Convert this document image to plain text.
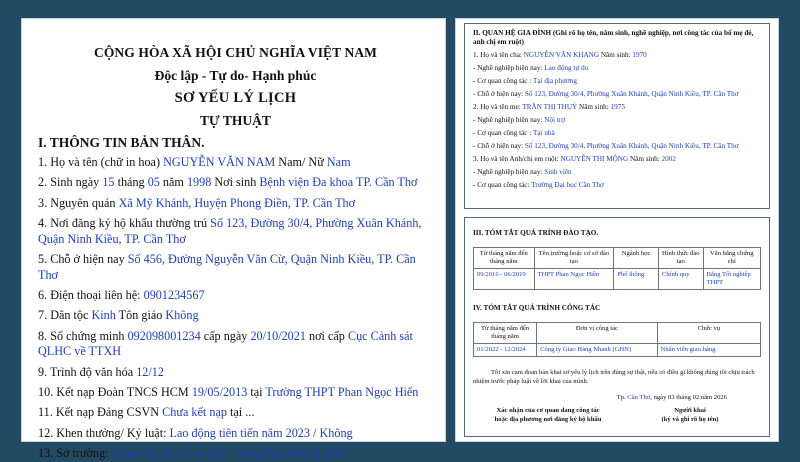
CỘNG HÒA XÃ HỘI CHỦ NGHĨA VIỆT NAM
Độc lập - Tự do- Hạnh phúc
SƠ YẾU LÝ LỊCH
TỰ THUẬT
I. THÔNG TIN BẢN THÂN.
1. Họ và tên (chữ in hoa) NGUYỄN VĂN NAM Nam/ Nữ Nam
2. Sinh ngày 15 tháng 05 năm 1998 Nơi sinh Bệnh viện Đa khoa TP. Cần Thơ
3. Nguyên quán Xã Mỹ Khánh, Huyện Phong Điền, TP. Cần Thơ
4. Nơi đăng ký hộ khẩu thường trú Số 123, Đường 30/4, Phường Xuân Khánh, Quận Ninh Kiều, TP. Cần Thơ
5. Chỗ ở hiện nay Số 456, Đường Nguyễn Văn Cừ, Quận Ninh Kiều, TP. Cần Thơ
6. Điện thoại liên hệ: 0901234567
7. Dân tộc Kinh Tôn giáo Không
8. Số chứng minh 092098001234 cấp ngày 20/10/2021 nơi cấp Cục Cảnh sát QLHC về TTXH
9. Trình độ văn hóa 12/12
10. Kết nạp Đoàn TNCS HCM 19/05/2013 tại Trường THPT Phan Ngọc Hiển
11. Kết nạp Đảng CSVN Chưa kết nạp tại ...
12. Khen thưởng/ Kỷ luật: Lao động tiên tiến năm 2023 / Không
13. Sở trường: Giao tiếp, lái xe an toàn, thông thạo đường phố
II. QUAN HỆ GIA ĐÌNH (Ghi rõ họ tên, năm sinh, nghề nghiệp, nơi công tác của bố mẹ đẻ, anh chị em ruột)
1. Họ và tên cha: NGUYỄN VĂN KHANG Năm sinh: 1970
- Nghề nghiệp hiện nay: Lao động tự do
- Cơ quan công tác : Tại địa phương
- Chỗ ở hiện nay: Số 123, Đường 30/4, Phường Xuân Khánh, Quận Ninh Kiều, TP. Cần Thơ
2. Họ và tên mẹ: TRẦN THỊ THUỶ Năm sinh: 1975
- Nghề nghiệp hiện nay: Nội trợ
- Cơ quan công tác : Tại nhà
- Chỗ ở hiện nay: Số 123, Đường 30/4, Phường Xuân Khánh, Quận Ninh Kiều, TP. Cần Thơ
3. Họ và tên Anh/chị em ruột: NGUYỄN THỊ MỘNG Năm sinh: 2002
- Nghề nghiệp hiện nay: Sinh viên
- Cơ quan công tác: Trường Đại học Cần Thơ
III. TÓM TẮT QUÁ TRÌNH ĐÀO TẠO.
Từ tháng năm đến tháng năm	Tên trường hoặc cơ sở đào tạo	Ngành học	Hình thức đào tạo	Văn bằng chứng chỉ
09/2016 - 06/2019	THPT Phan Ngọc Hiền	Phổ thông	Chính quy	Bằng Tốt nghiệp THPT
IV. TÓM TẮT QUÁ TRÌNH CÔNG TÁC
Từ tháng năm đến tháng năm	Đơn vị công tác	Chức vụ
01/2022 - 12/2024	Công ty Giao Hàng Nhanh (GHN)	Nhân viên giao hàng
Tôi xin cam đoan bản khai sơ yếu lý lịch trên đúng sự thật, nếu có điều gì không đúng tôi chịu trách nhiệm trước pháp luật về lời khai của mình.
Tp. Cần Thơ, ngày 03 tháng 02 năm 2026
Xác nhận của cơ quan đang công tác
hoặc địa phương nơi đăng ký hộ khẩu
Người khai
(ký và ghi rõ họ tên)
